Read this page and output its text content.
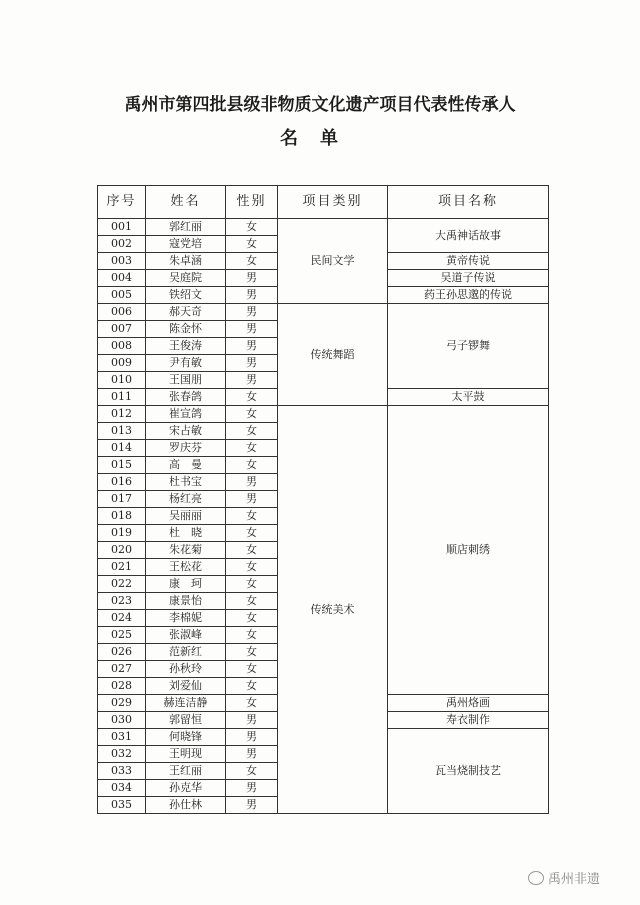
禹州市第四批县级非物质文化遗产项目代表性传承人
名单
序号	姓名	性别	项目类别	项目名称
001	郭红丽	女	民间文学	大禹神话故事
002	寇党培	女		
003	朱卓涵	女		黄帝传说
004	吴庭院	男		吴道子传说
005	铁绍文	男		药王孙思邈的传说
006	郝天奇	男	传统舞蹈	弓子锣舞
007	陈金怀	男		
008	王俊涛	男		
009	尹有敏	男		
010	王国朋	男		
011	张春鸽	女		太平鼓
012	崔宣鸽	女	传统美术	顺店刺绣
013	宋占敏	女		
014	罗庆芬	女		
015	高　曼	女		
016	杜书宝	男		
017	杨红亮	男		
018	吴丽丽	女		
019	杜　晓	女		
020	朱花菊	女		
021	王松花	女		
022	康　珂	女		
023	康景怡	女		
024	李棉妮	女		
025	张淑峰	女		
026	范新红	女		
027	孙秋玲	女		
028	刘爱仙	女		
029	赫连洁静	女		禹州烙画
030	郭留恒	男		寿衣制作
031	何晓锋	男		瓦当烧制技艺
032	王明现	男		
033	王红丽	女		
034	孙克华	男		
035	孙仕林	男		
禹州非遗
